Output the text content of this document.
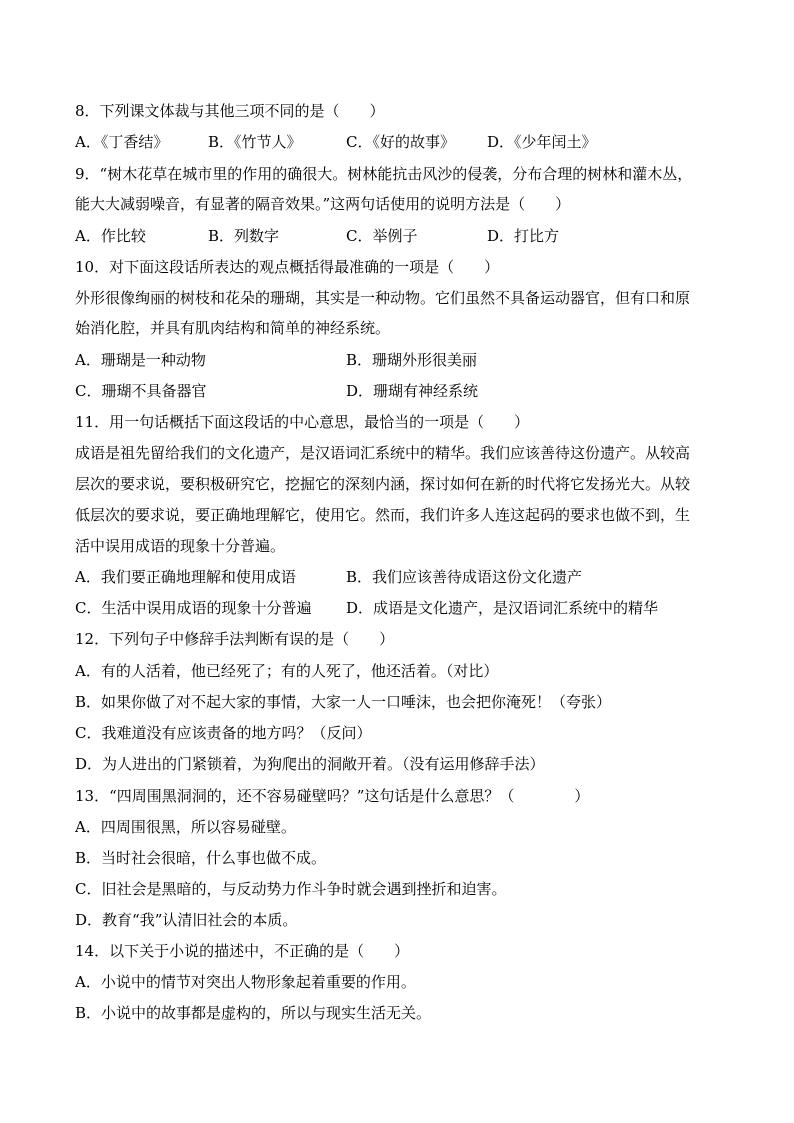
8．下列课文体裁与其他三项不同的是（　　）
A．《丁香结》	B．《竹节人》	C．《好的故事》 D．《少年闰土》
9．“树木花草在城市里的作用的确很大。树林能抗击风沙的侵袭，分布合理的树林和灌木丛，
能大大减弱噪音，有显著的隔音效果。”这两句话使用的说明方法是（　　）
A．作比较	B．列数字	C．举例子	D．打比方
10．对下面这段话所表达的观点概括得最准确的一项是（　　）
外形很像绚丽的树枝和花朵的珊瑚，其实是一种动物。它们虽然不具备运动器官，但有口和原
始消化腔，并具有肌肉结构和简单的神经系统。
A．珊瑚是一种动物	B．珊瑚外形很美丽
C．珊瑚不具备器官	D．珊瑚有神经系统
11．用一句话概括下面这段话的中心意思，最恰当的一项是（　　）
成语是祖先留给我们的文化遗产，是汉语词汇系统中的精华。我们应该善待这份遗产。从较高
层次的要求说，要积极研究它，挖掘它的深刻内涵，探讨如何在新的时代将它发扬光大。从较
低层次的要求说，要正确地理解它，使用它。然而，我们许多人连这起码的要求也做不到，生
活中误用成语的现象十分普遍。
A．我们要正确地理解和使用成语	B．我们应该善待成语这份文化遗产
C．生活中误用成语的现象十分普遍 D．成语是文化遗产，是汉语词汇系统中的精华
12．下列句子中修辞手法判断有误的是（　　）
A．有的人活着，他已经死了；有的人死了，他还活着。（对比）
B．如果你做了对不起大家的事情，大家一人一口唾沫，也会把你淹死！（夸张）
C．我难道没有应该责备的地方吗？（反问）
D．为人进出的门紧锁着，为狗爬出的洞敞开着。（没有运用修辞手法）
13．“四周围黑洞洞的，还不容易碰壁吗？”这句话是什么意思？（　　　　）
A．四周围很黑，所以容易碰壁。
B．当时社会很暗，什么事也做不成。
C．旧社会是黑暗的，与反动势力作斗争时就会遇到挫折和迫害。
D．教育“我”认清旧社会的本质。
14．以下关于小说的描述中，不正确的是（　　）
A．小说中的情节对突出人物形象起着重要的作用。
B．小说中的故事都是虚构的，所以与现实生活无关。
